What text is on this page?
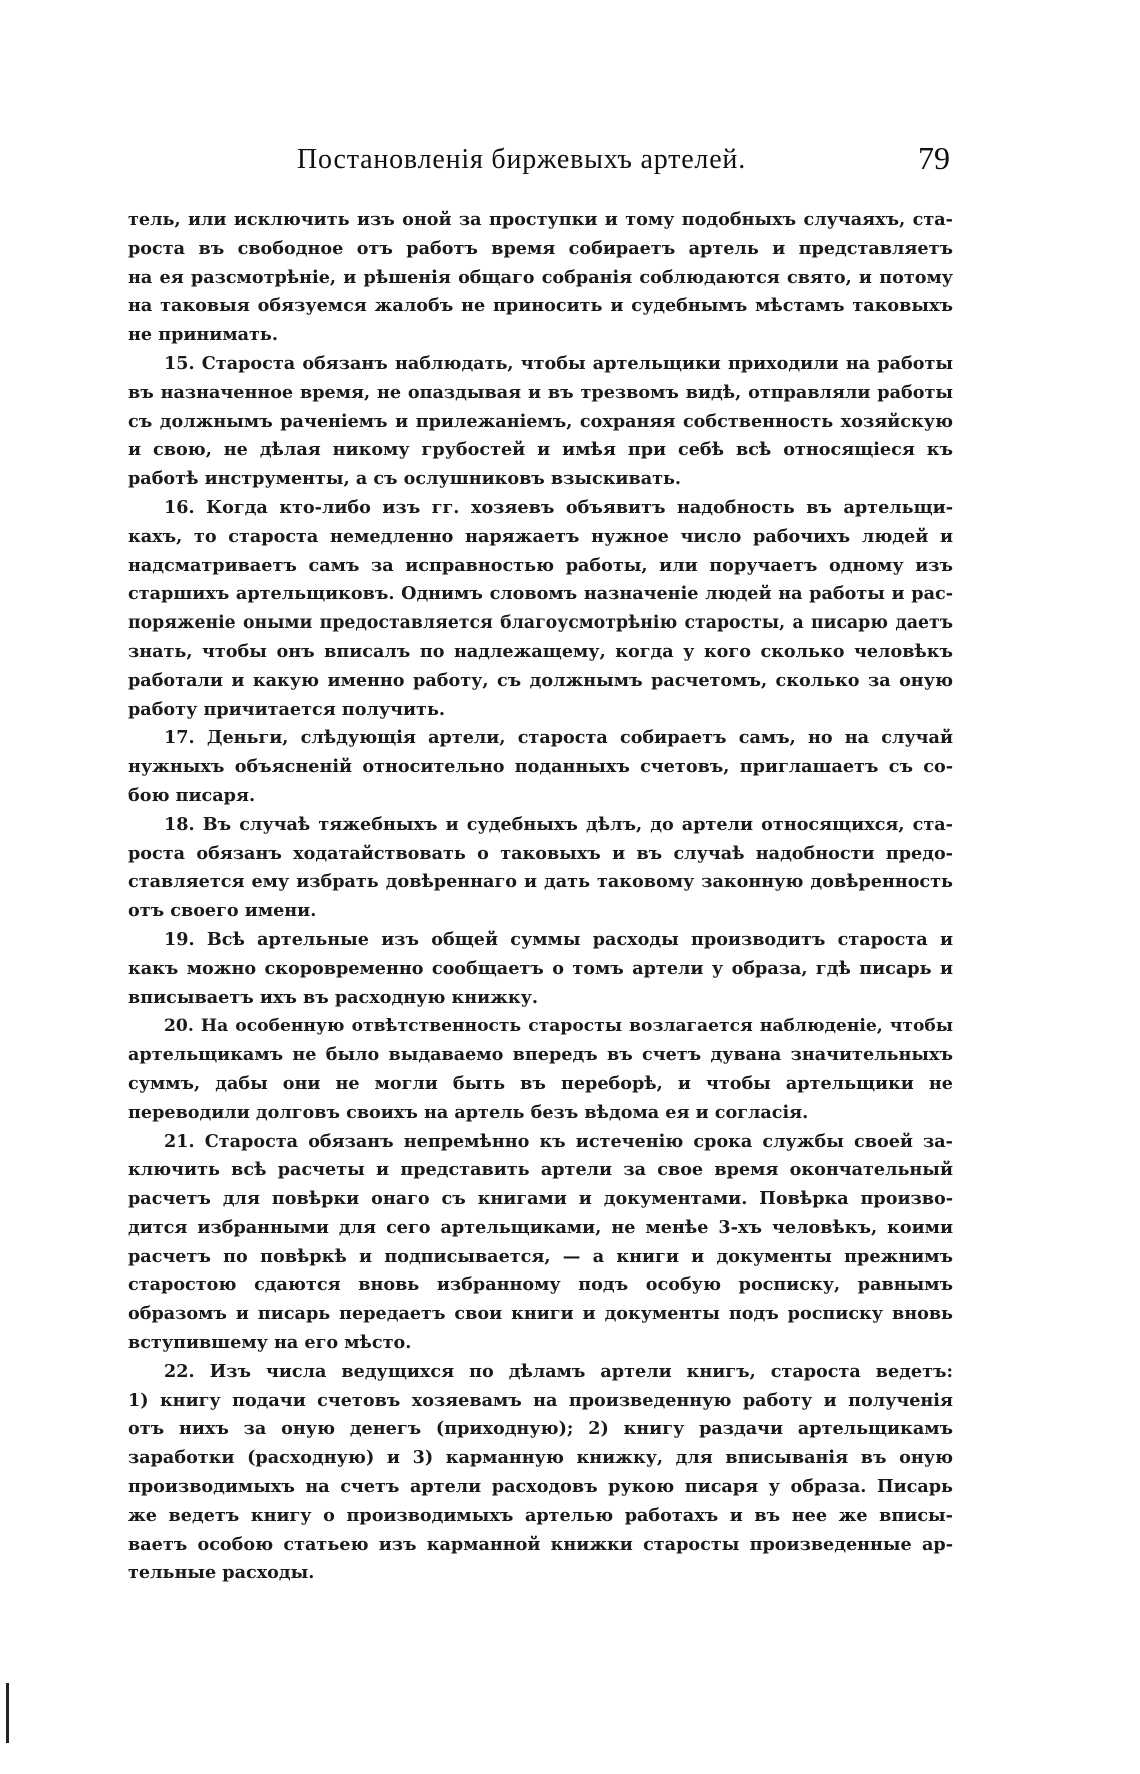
Постановленія биржевыхъ артелей.	79
тель, или исключить изъ оной за проступки и тому подобныхъ случаяхъ, ста-
роста въ свободное отъ работъ время собираетъ артель и представляетъ
на ея разсмотрѣніе, и рѣшенія общаго собранія соблюдаются свято, и потому
на таковыя обязуемся жалобъ не приносить и судебнымъ мѣстамъ таковыхъ
не принимать.
15. Староста обязанъ наблюдать, чтобы артельщики приходили на работы
въ назначенное время, не опаздывая и въ трезвомъ видѣ, отправляли работы
съ должнымъ раченіемъ и прилежаніемъ, сохраняя собственность хозяйскую
и свою, не дѣлая никому грубостей и имѣя при себѣ всѣ относящіеся къ
работѣ инструменты, а съ ослушниковъ взыскивать.
16. Когда кто-либо изъ гг. хозяевъ объявитъ надобность въ артельщи-
кахъ, то староста немедленно наряжаетъ нужное число рабочихъ людей и
надсматриваетъ самъ за исправностью работы, или поручаетъ одному изъ
старшихъ артельщиковъ. Однимъ словомъ назначеніе людей на работы и рас-
поряженіе оными предоставляется благоусмотрѣнію старосты, а писарю даетъ
знать, чтобы онъ вписалъ по надлежащему, когда у кого сколько человѣкъ
работали и какую именно работу, съ должнымъ расчетомъ, сколько за оную
работу причитается получить.
17. Деньги, слѣдующія артели, староста собираетъ самъ, но на случай
нужныхъ объясненій относительно поданныхъ счетовъ, приглашаетъ съ со-
бою писаря.
18. Въ случаѣ тяжебныхъ и судебныхъ дѣлъ, до артели относящихся, ста-
роста обязанъ ходатайствовать о таковыхъ и въ случаѣ надобности предо-
ставляется ему избрать довѣреннаго и дать таковому законную довѣренность
отъ своего имени.
19. Всѣ артельные изъ общей суммы расходы производитъ староста и
какъ можно скоровременно сообщаетъ о томъ артели у образа, гдѣ писарь и
вписываетъ ихъ въ расходную книжку.
20. На особенную отвѣтственность старосты возлагается наблюденіе, чтобы
артельщикамъ не было выдаваемо впередъ въ счетъ дувана значительныхъ
суммъ, дабы они не могли быть въ переборѣ, и чтобы артельщики не
переводили долговъ своихъ на артель безъ вѣдома ея и согласія.
21. Староста обязанъ непремѣнно къ истеченію срока службы своей за-
ключить всѣ расчеты и представить артели за свое время окончательный
расчетъ для повѣрки онаго съ книгами и документами. Повѣрка произво-
дится избранными для сего артельщиками, не менѣе 3-хъ человѣкъ, коими
расчетъ по повѣркѣ и подписывается, — а книги и документы прежнимъ
старостою сдаются вновь избранному подъ особую росписку, равнымъ
образомъ и писарь передаетъ свои книги и документы подъ росписку вновь
вступившему на его мѣсто.
22. Изъ числа ведущихся по дѣламъ артели книгъ, староста ведетъ:
1) книгу подачи счетовъ хозяевамъ на произведенную работу и полученія
отъ нихъ за оную денегъ (приходную); 2) книгу раздачи артельщикамъ
заработки (расходную) и 3) карманную книжку, для вписыванія въ оную
производимыхъ на счетъ артели расходовъ рукою писаря у образа. Писарь
же ведетъ книгу о производимыхъ артелью работахъ и въ нее же вписы-
ваетъ особою статьею изъ карманной книжки старосты произведенные ар-
тельные расходы.
